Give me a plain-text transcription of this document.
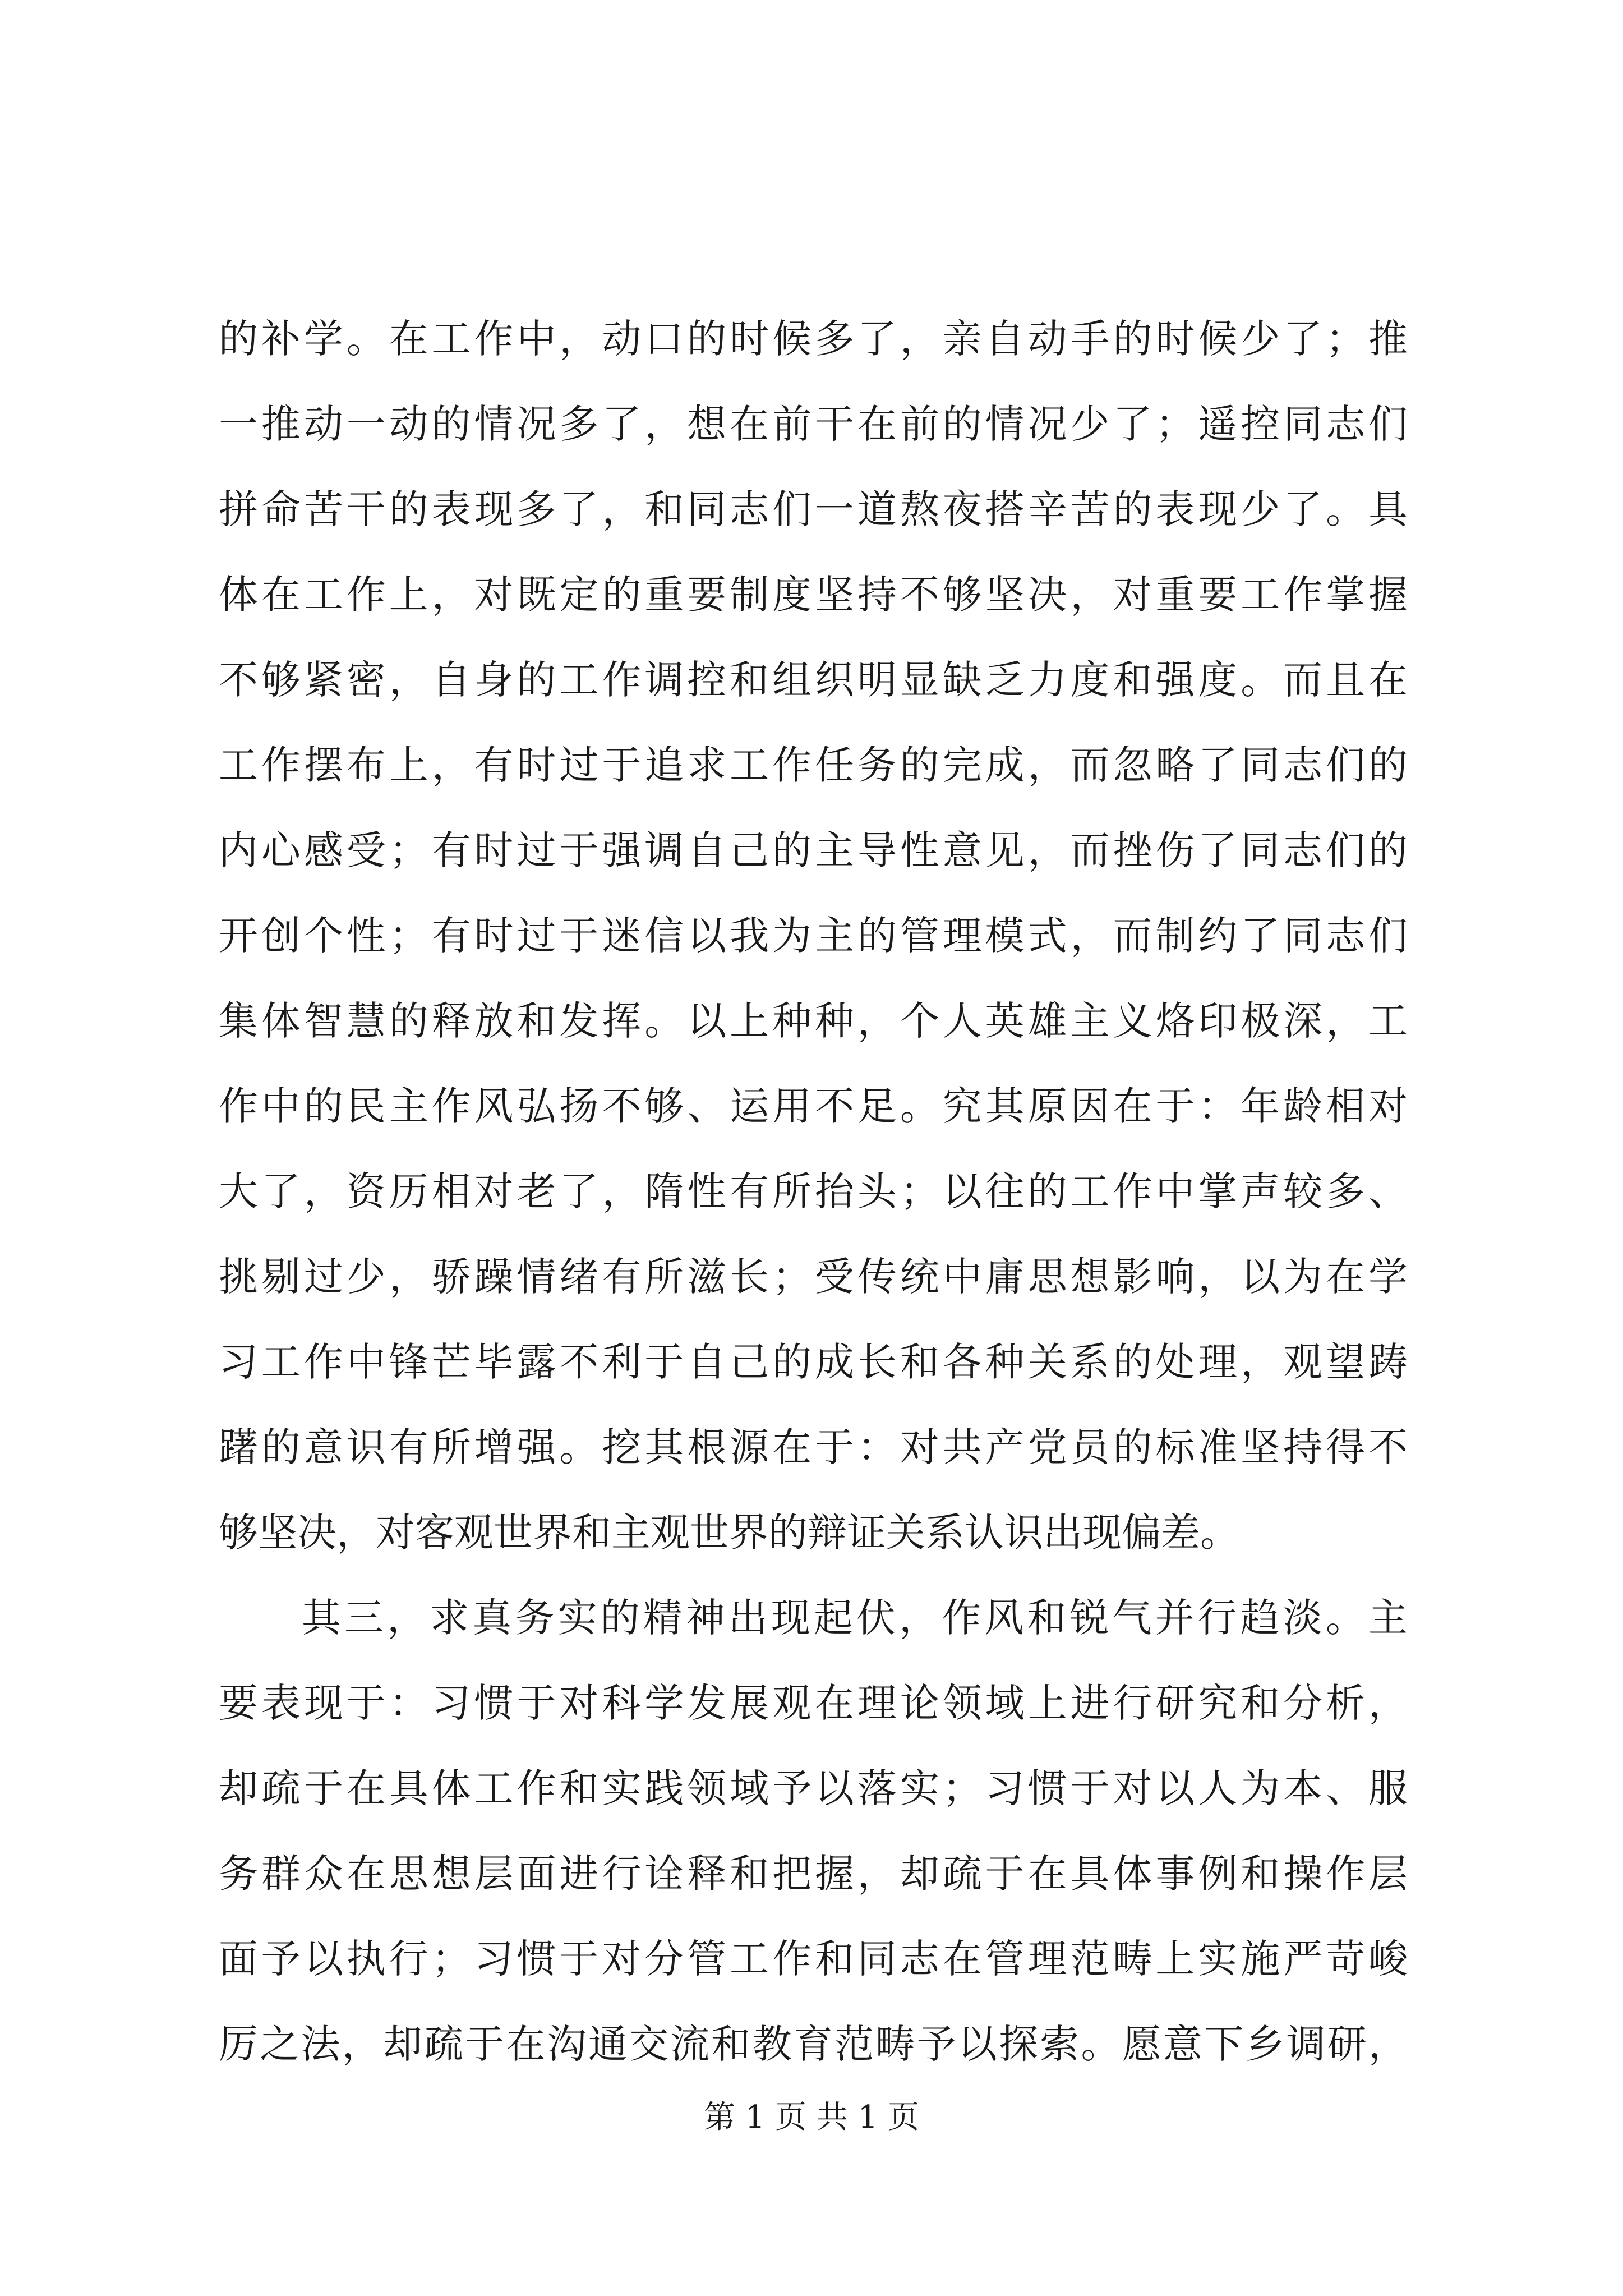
的补学。在工作中，动口的时候多了，亲自动手的时候少了；推
一推动一动的情况多了，想在前干在前的情况少了；遥控同志们
拼命苦干的表现多了，和同志们一道熬夜搭辛苦的表现少了。具
体在工作上，对既定的重要制度坚持不够坚决，对重要工作掌握
不够紧密，自身的工作调控和组织明显缺乏力度和强度。而且在
工作摆布上，有时过于追求工作任务的完成，而忽略了同志们的
内心感受；有时过于强调自己的主导性意见，而挫伤了同志们的
开创个性；有时过于迷信以我为主的管理模式，而制约了同志们
集体智慧的释放和发挥。以上种种，个人英雄主义烙印极深，工
作中的民主作风弘扬不够、运用不足。究其原因在于：年龄相对
大了，资历相对老了，隋性有所抬头；以往的工作中掌声较多、
挑剔过少，骄躁情绪有所滋长；受传统中庸思想影响，以为在学
习工作中锋芒毕露不利于自己的成长和各种关系的处理，观望踌
躇的意识有所增强。挖其根源在于：对共产党员的标准坚持得不
够坚决，对客观世界和主观世界的辩证关系认识出现偏差。
其三，求真务实的精神出现起伏，作风和锐气并行趋淡。主
要表现于：习惯于对科学发展观在理论领域上进行研究和分析，
却疏于在具体工作和实践领域予以落实；习惯于对以人为本、服
务群众在思想层面进行诠释和把握，却疏于在具体事例和操作层
面予以执行；习惯于对分管工作和同志在管理范畴上实施严苛峻
厉之法，却疏于在沟通交流和教育范畴予以探索。愿意下乡调研，
第 1 页 共 1 页
